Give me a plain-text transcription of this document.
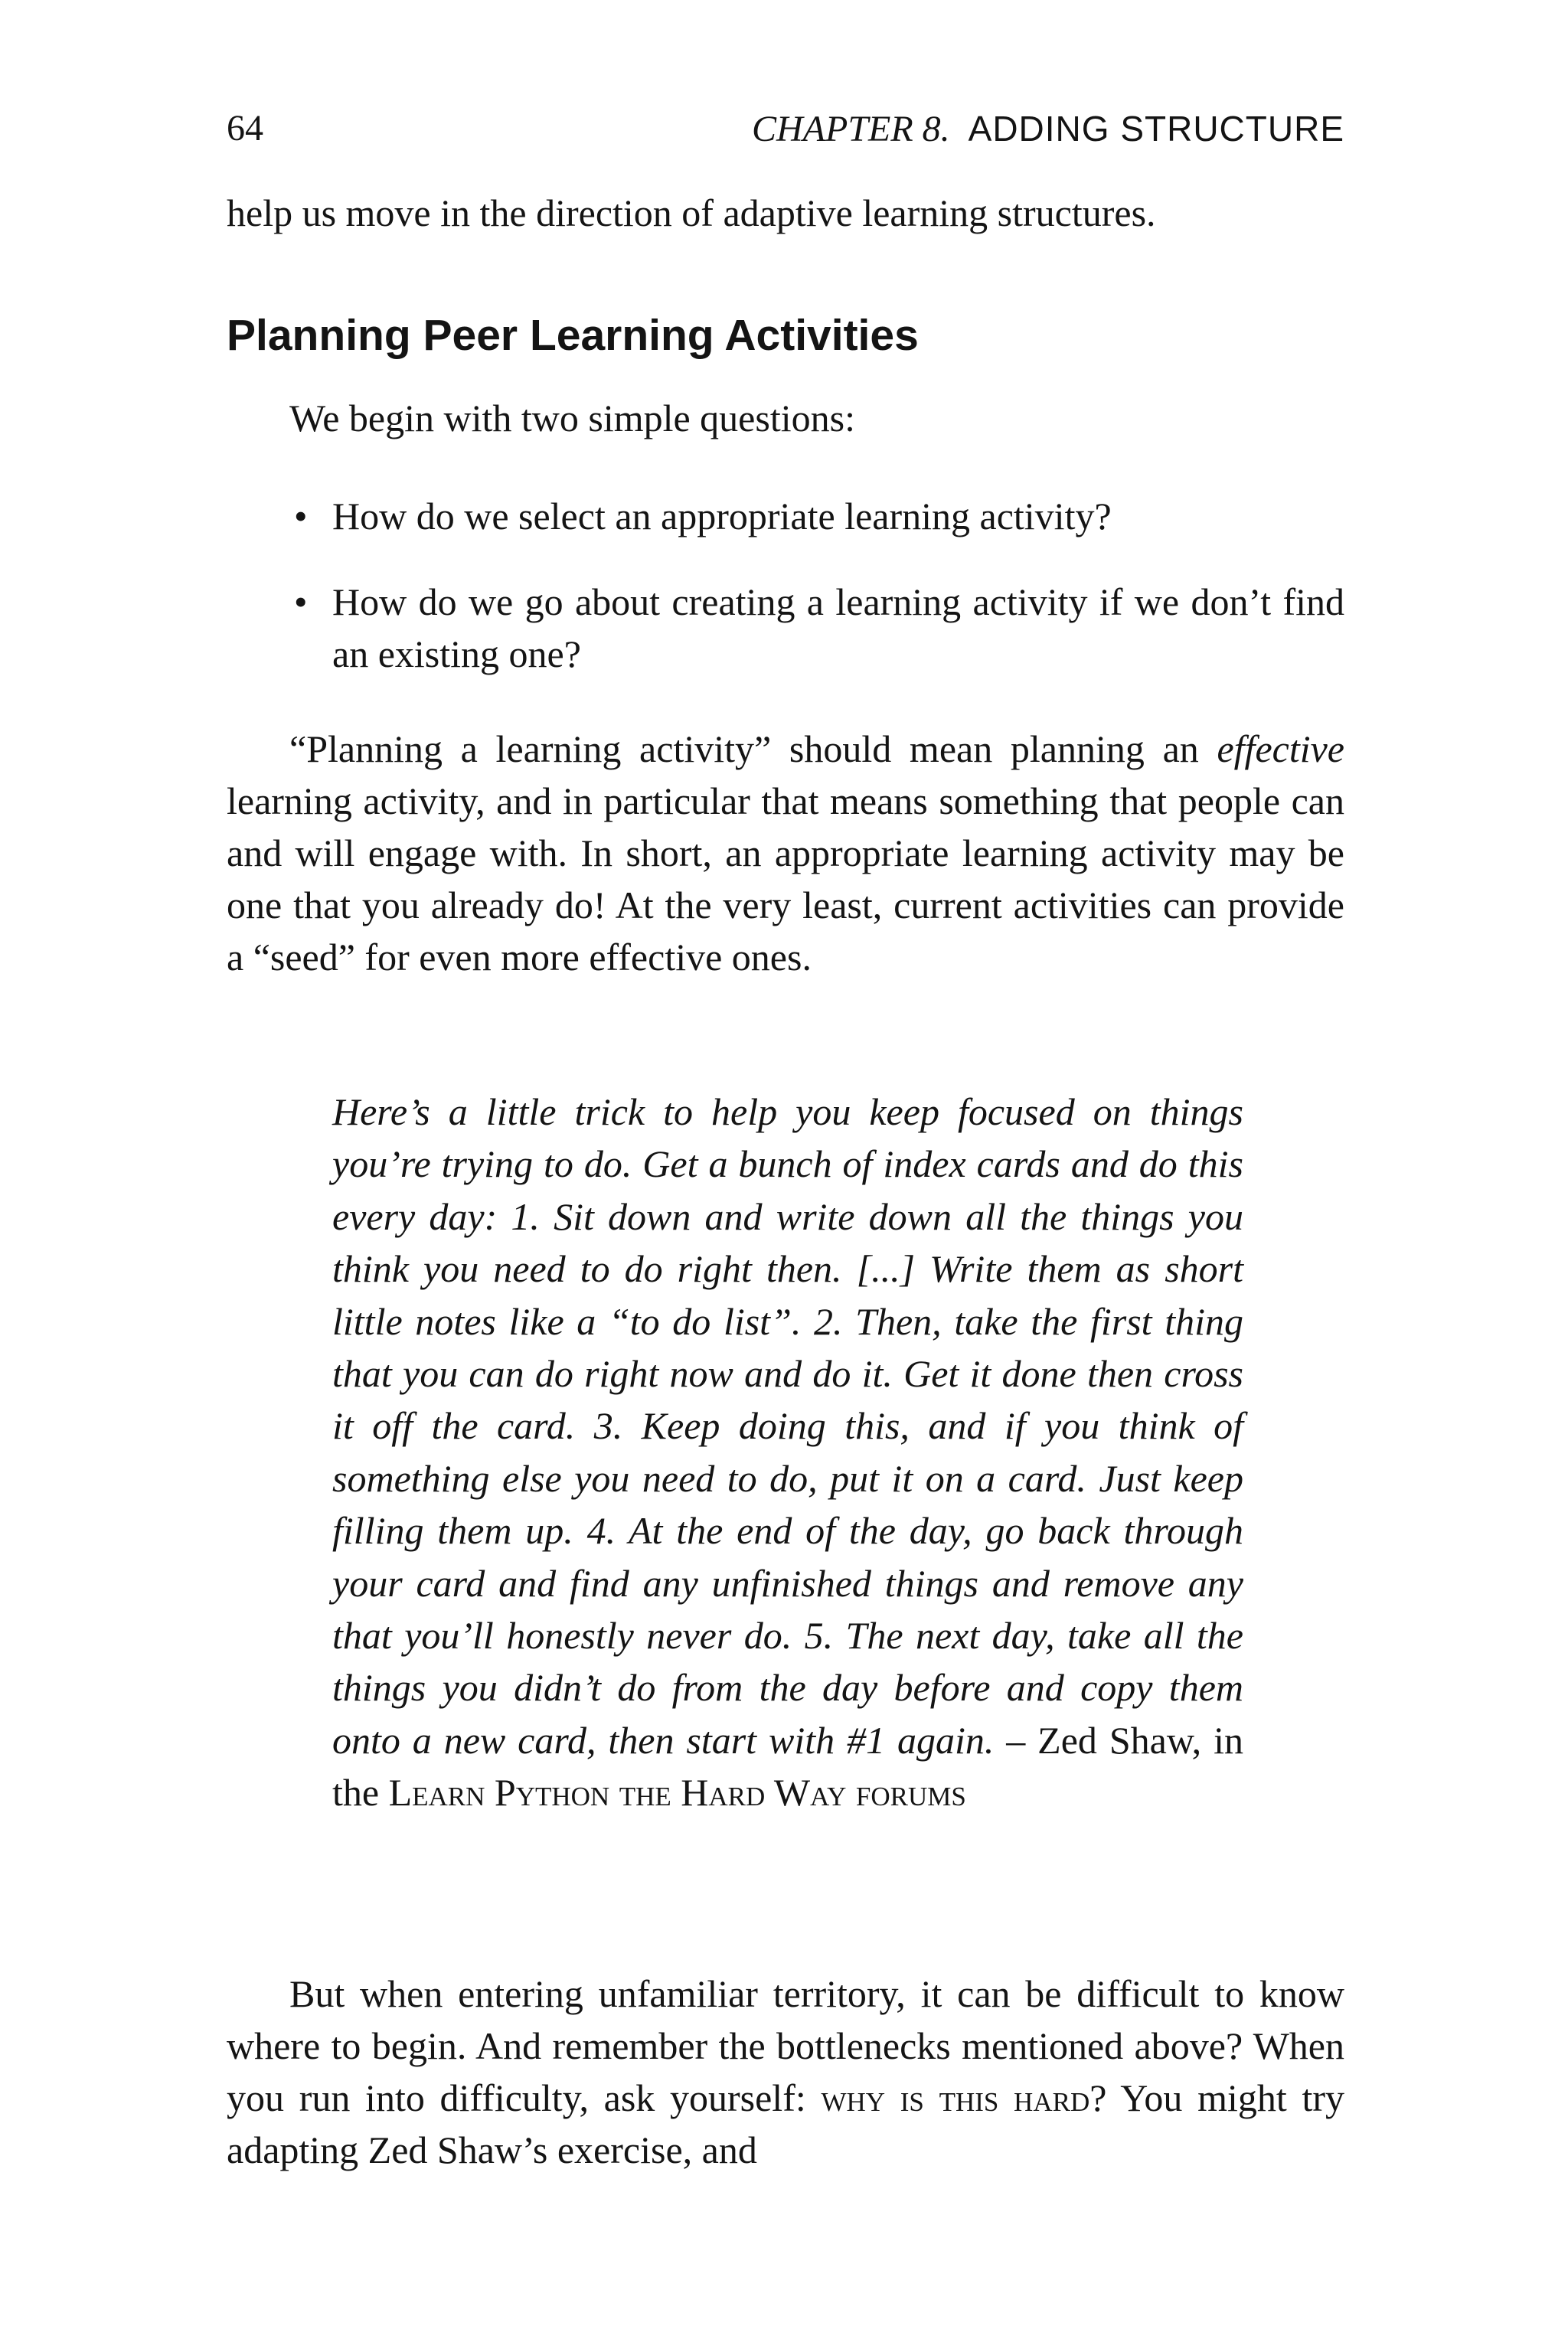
64	CHAPTER 8. ADDING STRUCTURE

help us move in the direction of adaptive learning structures.

Planning Peer Learning Activities

We begin with two simple questions:

• How do we select an appropriate learning activity?
• How do we go about creating a learning activity if we don’t find an existing one?

“Planning a learning activity” should mean planning an effective learning activity, and in particular that means something that people can and will engage with. In short, an appropriate learning activity may be one that you already do! At the very least, current activities can provide a “seed” for even more effective ones.

Here’s a little trick to help you keep focused on things you’re trying to do. Get a bunch of index cards and do this every day: 1. Sit down and write down all the things you think you need to do right then. [...] Write them as short little notes like a “to do list”. 2. Then, take the first thing that you can do right now and do it. Get it done then cross it off the card. 3. Keep doing this, and if you think of something else you need to do, put it on a card. Just keep filling them up. 4. At the end of the day, go back through your card and find any unfinished things and remove any that you’ll honestly never do. 5. The next day, take all the things you didn’t do from the day before and copy them onto a new card, then start with #1 again. – Zed Shaw, in the Learn Python the Hard Way forums

But when entering unfamiliar territory, it can be difficult to know where to begin. And remember the bottlenecks mentioned above? When you run into difficulty, ask yourself: why is this hard? You might try adapting Zed Shaw’s exercise, and
